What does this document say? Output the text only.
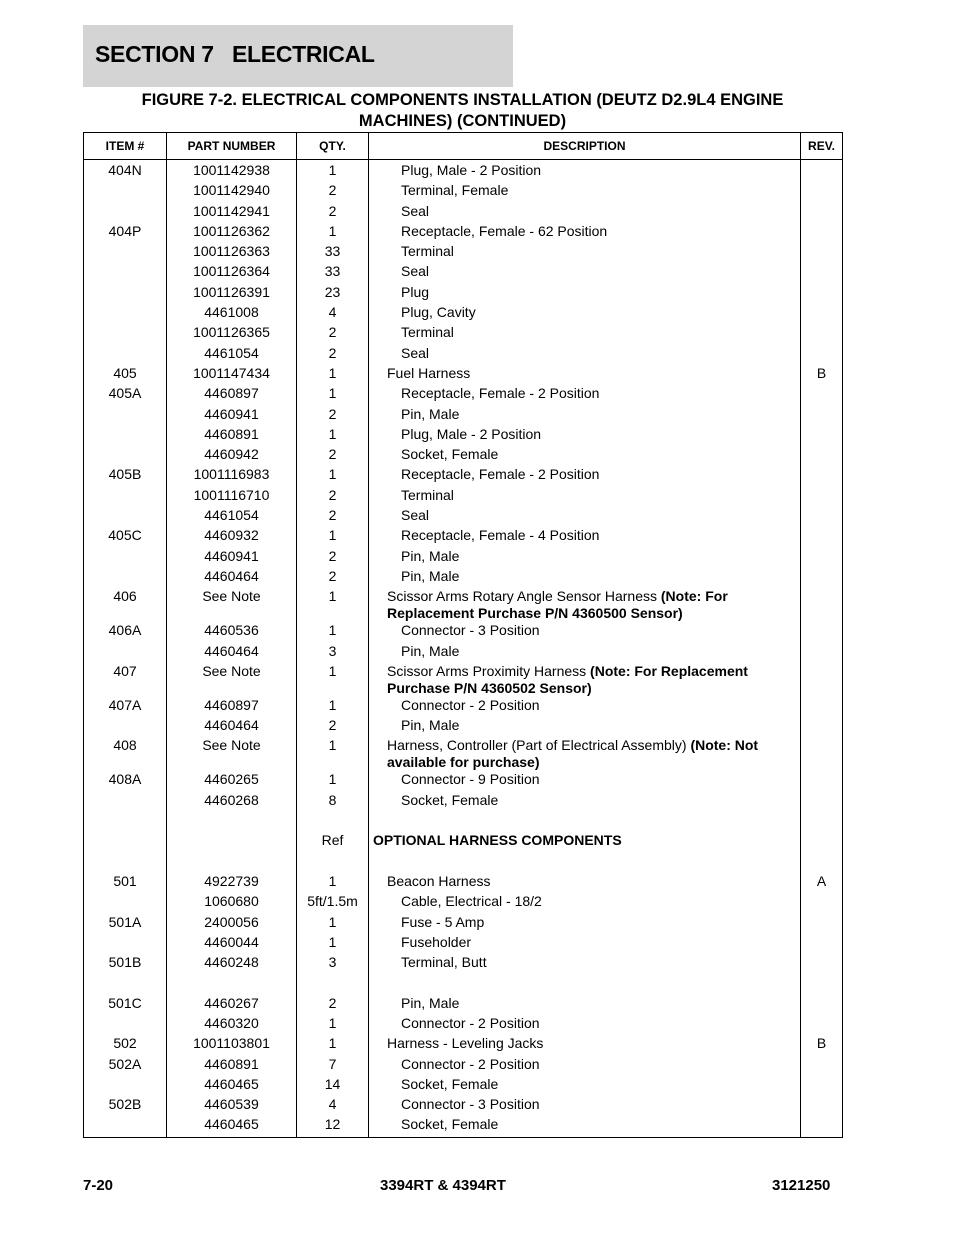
SECTION 7   ELECTRICAL
FIGURE 7-2. ELECTRICAL COMPONENTS INSTALLATION (DEUTZ D2.9L4 ENGINE
MACHINES) (CONTINUED)
ITEM #	PART NUMBER	QTY.	DESCRIPTION	REV.
404N	1001142938	1	Plug, Male - 2 Position	
	1001142940	2	Terminal, Female	
	1001142941	2	Seal	
404P	1001126362	1	Receptacle, Female - 62 Position	
	1001126363	33	Terminal	
	1001126364	33	Seal	
	1001126391	23	Plug	
	4461008	4	Plug, Cavity	
	1001126365	2	Terminal	
	4461054	2	Seal	
405	1001147434	1	Fuel Harness	B
405A	4460897	1	Receptacle, Female - 2 Position	
	4460941	2	Pin, Male	
	4460891	1	Plug, Male - 2 Position	
	4460942	2	Socket, Female	
405B	1001116983	1	Receptacle, Female - 2 Position	
	1001116710	2	Terminal	
	4461054	2	Seal	
405C	4460932	1	Receptacle, Female - 4 Position	
	4460941	2	Pin, Male	
	4460464	2	Pin, Male	
406	See Note	1	Scissor Arms Rotary Angle Sensor Harness (Note: For Replacement Purchase P/N 4360500 Sensor)	
406A	4460536	1	Connector - 3 Position	
	4460464	3	Pin, Male	
407	See Note	1	Scissor Arms Proximity Harness (Note: For Replacement Purchase P/N 4360502 Sensor)	
407A	4460897	1	Connector - 2 Position	
	4460464	2	Pin, Male	
408	See Note	1	Harness, Controller (Part of Electrical Assembly) (Note: Not available for purchase)	
408A	4460265	1	Connector - 9 Position	
	4460268	8	Socket, Female	

		Ref	OPTIONAL HARNESS COMPONENTS	

501	4922739	1	Beacon Harness	A
	1060680	5ft/1.5m	Cable, Electrical - 18/2	
501A	2400056	1	Fuse - 5 Amp	
	4460044	1	Fuseholder	
501B	4460248	3	Terminal, Butt	

501C	4460267	2	Pin, Male	
	4460320	1	Connector - 2 Position	
502	1001103801	1	Harness - Leveling Jacks	B
502A	4460891	7	Connector - 2 Position	
	4460465	14	Socket, Female	
502B	4460539	4	Connector - 3 Position	
	4460465	12	Socket, Female	
7-20	3394RT & 4394RT	3121250
